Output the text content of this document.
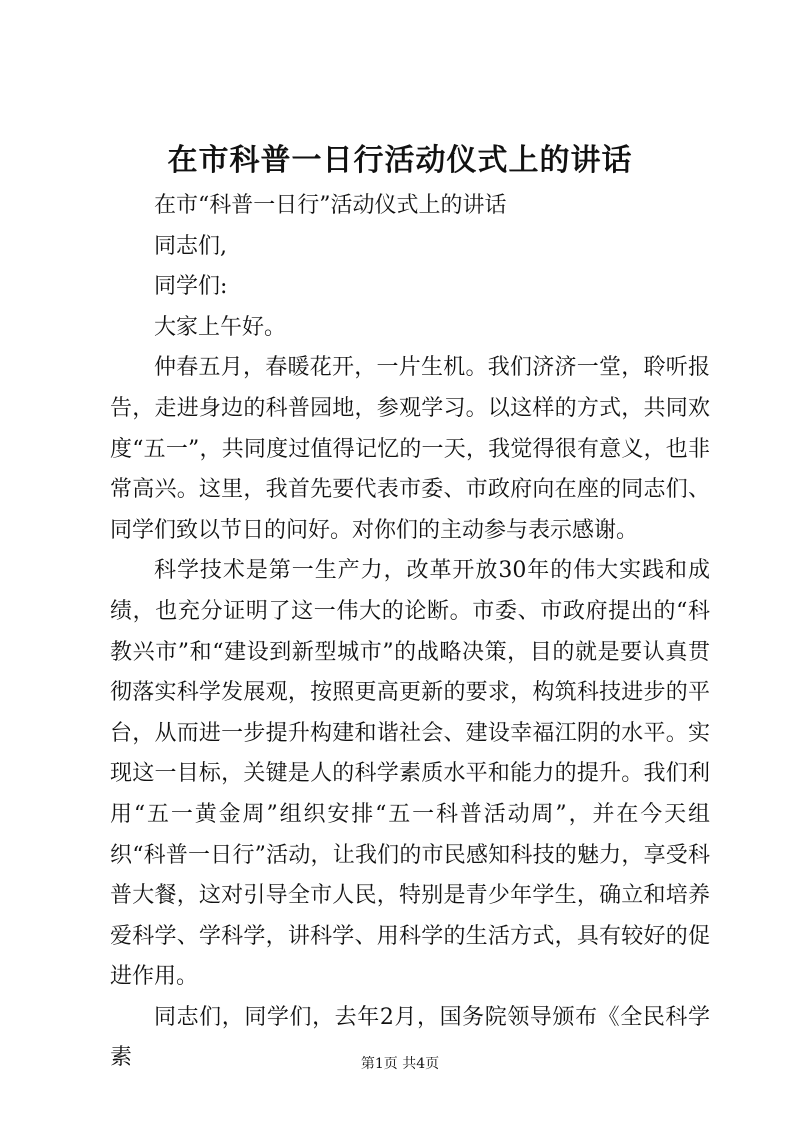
在市科普一日行活动仪式上的讲话

在市“科普一日行”活动仪式上的讲话

同志们,

同学们:

大家上午好。

仲春五月，春暖花开，一片生机。我们济济一堂，聆听报告，走进身边的科普园地，参观学习。以这样的方式，共同欢度“五一”，共同度过值得记忆的一天，我觉得很有意义，也非常高兴。这里，我首先要代表市委、市政府向在座的同志们、同学们致以节日的问好。对你们的主动参与表示感谢。

科学技术是第一生产力，改革开放30年的伟大实践和成绩，也充分证明了这一伟大的论断。市委、市政府提出的“科教兴市”和“建设到新型城市”的战略决策，目的就是要认真贯彻落实科学发展观，按照更高更新的要求，构筑科技进步的平台，从而进一步提升构建和谐社会、建设幸福江阴的水平。实现这一目标，关键是人的科学素质水平和能力的提升。我们利用“五一黄金周”组织安排“五一科普活动周”，并在今天组织“科普一日行”活动，让我们的市民感知科技的魅力，享受科普大餐，这对引导全市人民，特别是青少年学生，确立和培养爱科学、学科学，讲科学、用科学的生活方式，具有较好的促进作用。

同志们，同学们，去年2月，国务院领导颁布《全民科学素	第1页 共4页
